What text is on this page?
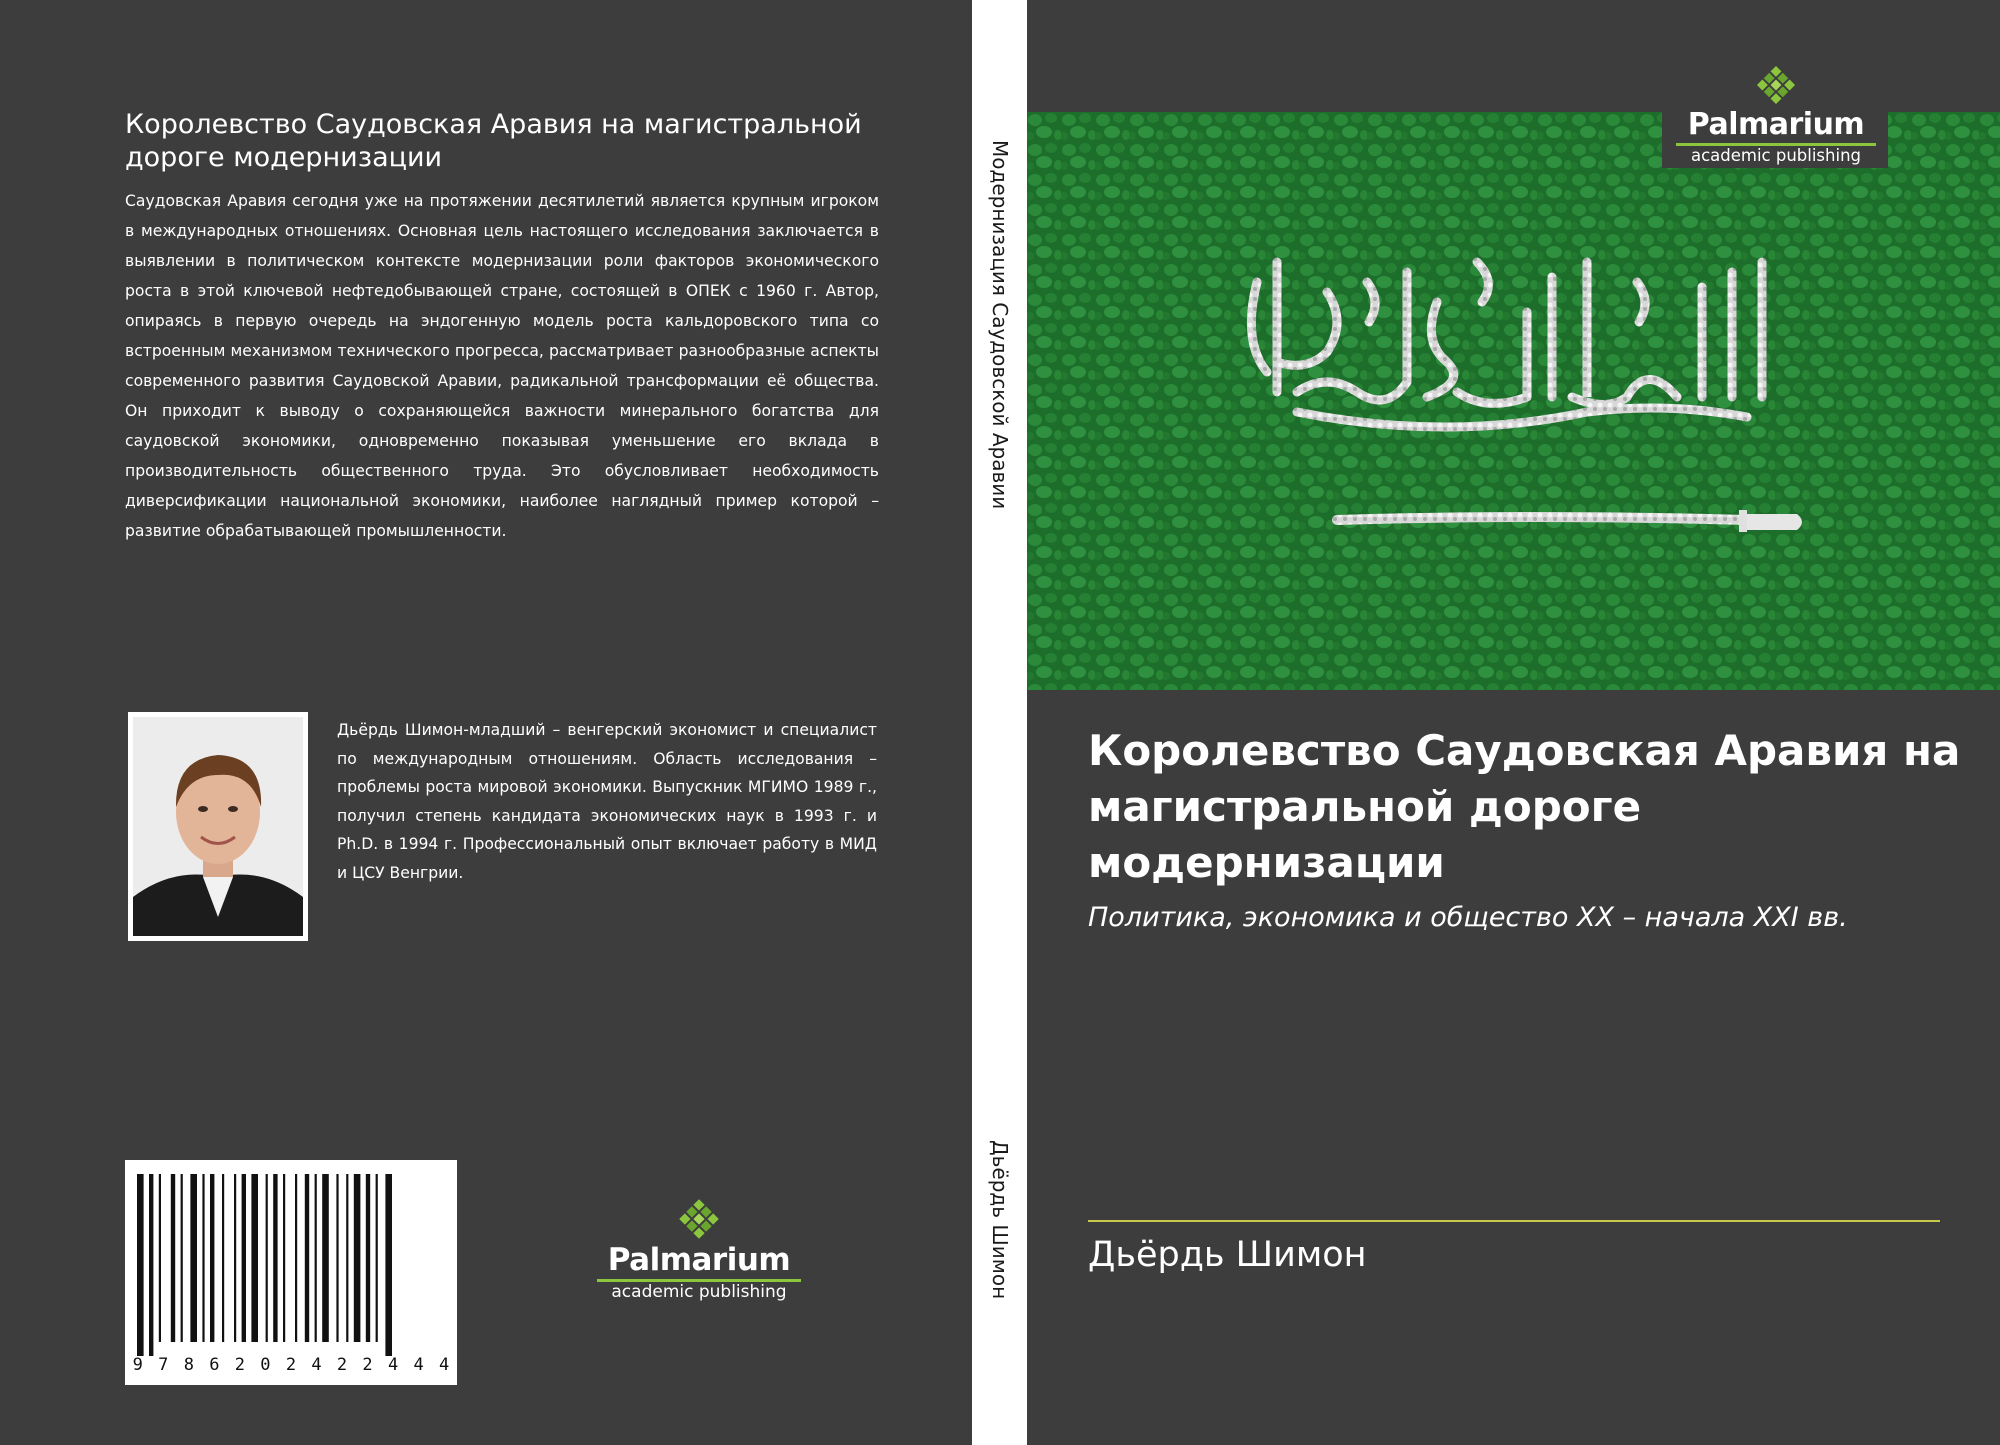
Королевство Саудовская Аравия на магистральной дороге модернизации

Саудовская Аравия сегодня уже на протяжении десятилетий является крупным игроком в международных отношениях. Основная цель настоящего исследования заключается в выявлении в политическом контексте модернизации роли факторов экономического роста в этой ключевой нефтедобывающей стране, состоящей в ОПЕК с 1960 г. Автор, опираясь в первую очередь на эндогенную модель роста кальдоровского типа со встроенным механизмом технического прогресса, рассматривает разнообразные аспекты современного развития Саудовской Аравии, радикальной трансформации её общества. Он приходит к выводу о сохраняющейся важности минерального богатства для саудовской экономики, одновременно показывая уменьшение его вклада в производительность общественного труда. Это обусловливает необходимость диверсификации национальной экономики, наиболее наглядный пример которой – развитие обрабатывающей промышленности.

Дьёрдь Шимон-младший – венгерский экономист и специалист по международным отношениям. Область исследования – проблемы роста мировой экономики. Выпускник МГИМО 1989 г., получил степень кандидата экономических наук в 1993 г. и Ph.D. в 1994 г. Профессиональный опыт включает работу в МИД и ЦСУ Венгрии.

9 7 8 6 2 0 2 4 2 2 4 4 4
Palmarium
academic publishing
Модернизация Саудовской Аравии
Дьёрдь Шимон
Palmarium
academic publishing
Королевство Саудовская Аравия на магистральной дороге модернизации

Политика, экономика и общество XX – начала XXI вв.

Дьёрдь Шимон
